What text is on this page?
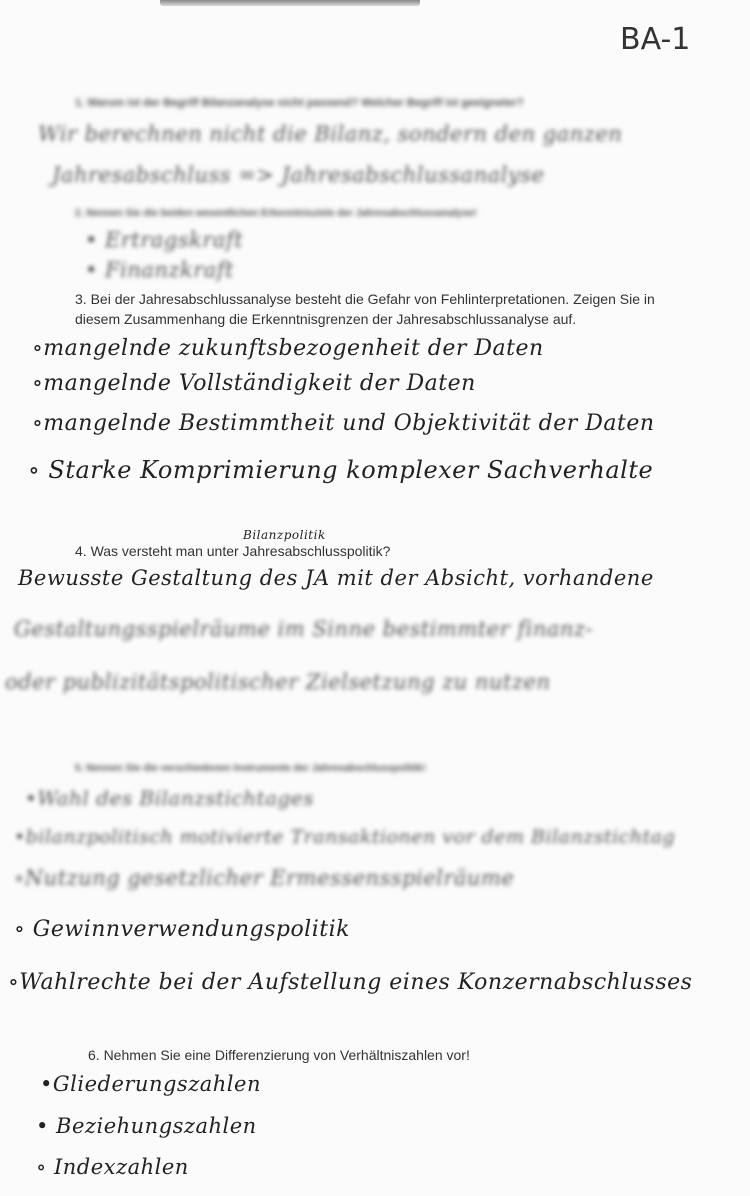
BA-1
1. Warum ist der Begriff Bilanzanalyse nicht passend? Welcher Begriff ist geeigneter?
Wir berechnen nicht die Bilanz, sondern den ganzen
Jahresabschluss => Jahresabschlussanalyse
2. Nennen Sie die beiden wesentlichen Erkenntnisziele der Jahresabschlussanalyse!
• Ertragskraft
• Finanzkraft
3. Bei der Jahresabschlussanalyse besteht die Gefahr von Fehlinterpretationen. Zeigen Sie in
diesem Zusammenhang die Erkenntnisgrenzen der Jahresabschlussanalyse auf.
∘mangelnde zukunftsbezogenheit der Daten
∘mangelnde Vollständigkeit der Daten
∘mangelnde Bestimmtheit und Objektivität der Daten
∘ Starke Komprimierung komplexer Sachverhalte
Bilanzpolitik
4. Was versteht man unter Jahresabschlusspolitik?
Bewusste Gestaltung des JA mit der Absicht, vorhandene
Gestaltungsspielräume im Sinne bestimmter finanz-
oder publizitätspolitischer Zielsetzung zu nutzen
5. Nennen Sie die verschiedenen Instrumente der Jahresabschlusspolitik!
•Wahl des Bilanzstichtages
•bilanzpolitisch motivierte Transaktionen vor dem Bilanzstichtag
∘Nutzung gesetzlicher Ermessensspielräume
∘ Gewinnverwendungspolitik
∘Wahlrechte bei der Aufstellung eines Konzernabschlusses
6. Nehmen Sie eine Differenzierung von Verhältniszahlen vor!
•Gliederungszahlen
• Beziehungszahlen
∘ Indexzahlen
